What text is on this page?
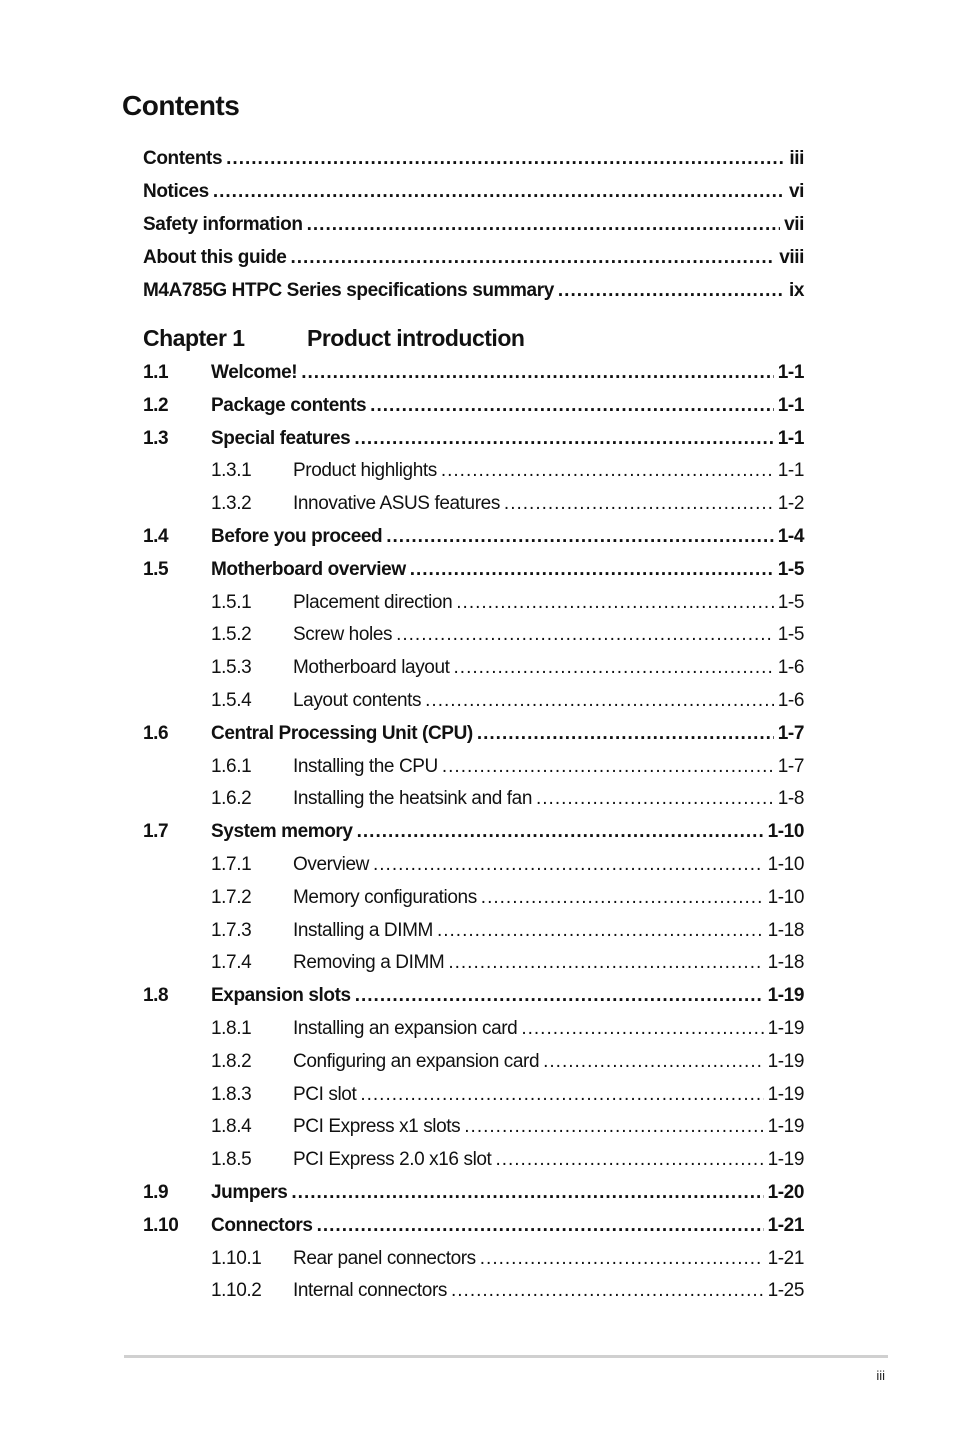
Contents
Chapter 1	Product introduction
Contents .....	iii
Notices .....	vi
Safety information .....	vii
About this guide .....	viii
M4A785G HTPC Series specifications summary .....	ix
1.1	Welcome! .....	1-1
1.2	Package contents .....	1-1
1.3	Special features .....	1-1
1.3.1	Product highlights .....	1-1
1.3.2	Innovative ASUS features .....	1-2
1.4	Before you proceed .....	1-4
1.5	Motherboard overview .....	1-5
1.5.1	Placement direction .....	1-5
1.5.2	Screw holes .....	1-5
1.5.3	Motherboard layout .....	1-6
1.5.4	Layout contents .....	1-6
1.6	Central Processing Unit (CPU) .....	1-7
1.6.1	Installing the CPU .....	1-7
1.6.2	Installing the heatsink and fan .....	1-8
1.7	System memory .....	1-10
1.7.1	Overview .....	1-10
1.7.2	Memory configurations .....	1-10
1.7.3	Installing a DIMM .....	1-18
1.7.4	Removing a DIMM .....	1-18
1.8	Expansion slots .....	1-19
1.8.1	Installing an expansion card .....	1-19
1.8.2	Configuring an expansion card .....	1-19
1.8.3	PCI slot .....	1-19
1.8.4	PCI Express x1 slots .....	1-19
1.8.5	PCI Express 2.0 x16 slot .....	1-19
1.9	Jumpers .....	1-20
1.10	Connectors .....	1-21
1.10.1	Rear panel connectors .....	1-21
1.10.2	Internal connectors .....	1-25
iii
